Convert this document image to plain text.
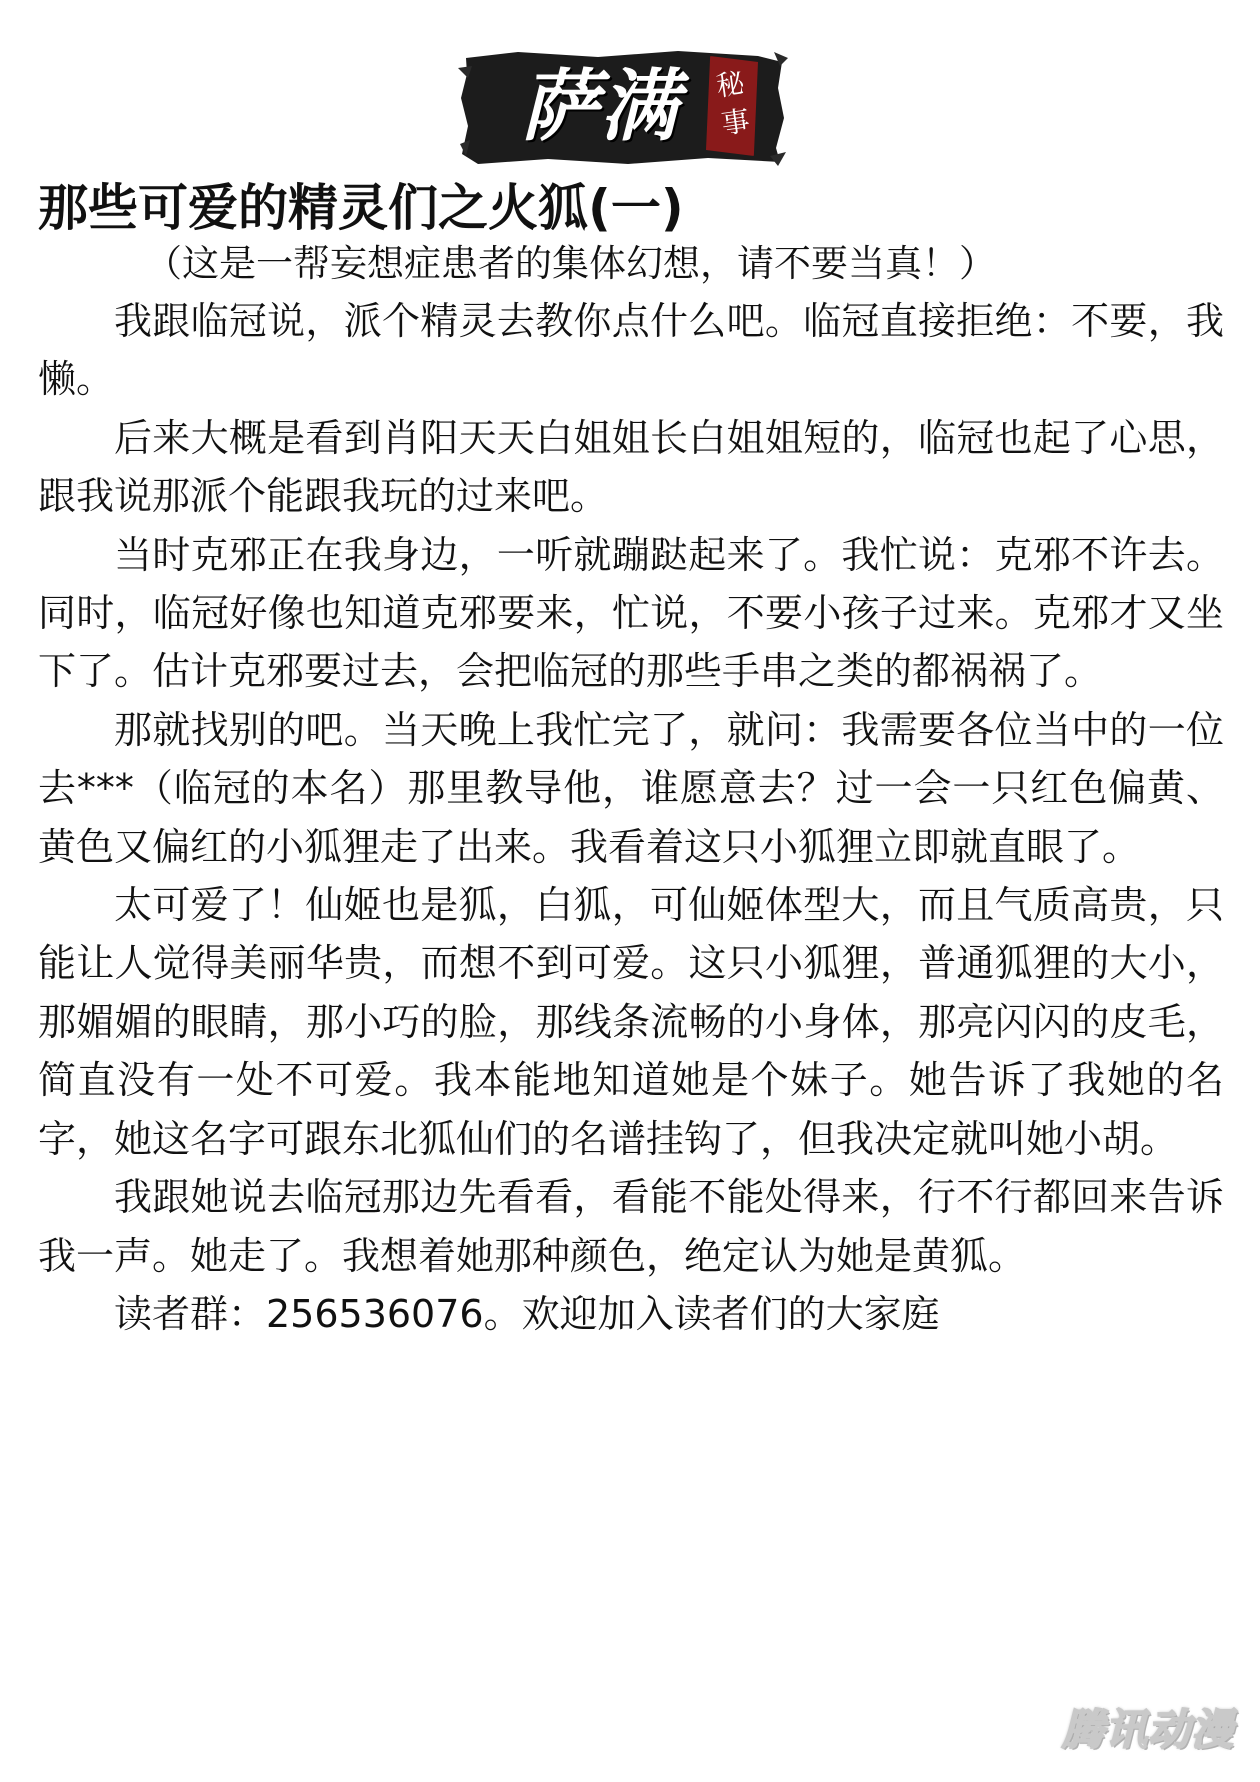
萨满 秘事
那些可爱的精灵们之火狐(一)
（这是一帮妄想症患者的集体幻想，请不要当真！）

我跟临冠说，派个精灵去教你点什么吧。临冠直接拒绝：不要，我懒。

后来大概是看到肖阳天天白姐姐长白姐姐短的，临冠也起了心思，跟我说那派个能跟我玩的过来吧。

当时克邪正在我身边，一听就蹦跶起来了。我忙说：克邪不许去。同时，临冠好像也知道克邪要来，忙说，不要小孩子过来。克邪才又坐下了。估计克邪要过去，会把临冠的那些手串之类的都祸祸了。

那就找别的吧。当天晚上我忙完了，就问：我需要各位当中的一位去***（临冠的本名）那里教导他，谁愿意去？过一会一只红色偏黄、黄色又偏红的小狐狸走了出来。我看着这只小狐狸立即就直眼了。

太可爱了！仙姬也是狐，白狐，可仙姬体型大，而且气质高贵，只能让人觉得美丽华贵，而想不到可爱。这只小狐狸，普通狐狸的大小，那媚媚的眼睛，那小巧的脸，那线条流畅的小身体，那亮闪闪的皮毛，简直没有一处不可爱。我本能地知道她是个妹子。她告诉了我她的名字，她这名字可跟东北狐仙们的名谱挂钩了，但我决定就叫她小胡。

我跟她说去临冠那边先看看，看能不能处得来，行不行都回来告诉我一声。她走了。我想着她那种颜色，绝定认为她是黄狐。

读者群：256536076。欢迎加入读者们的大家庭

腾讯动漫
